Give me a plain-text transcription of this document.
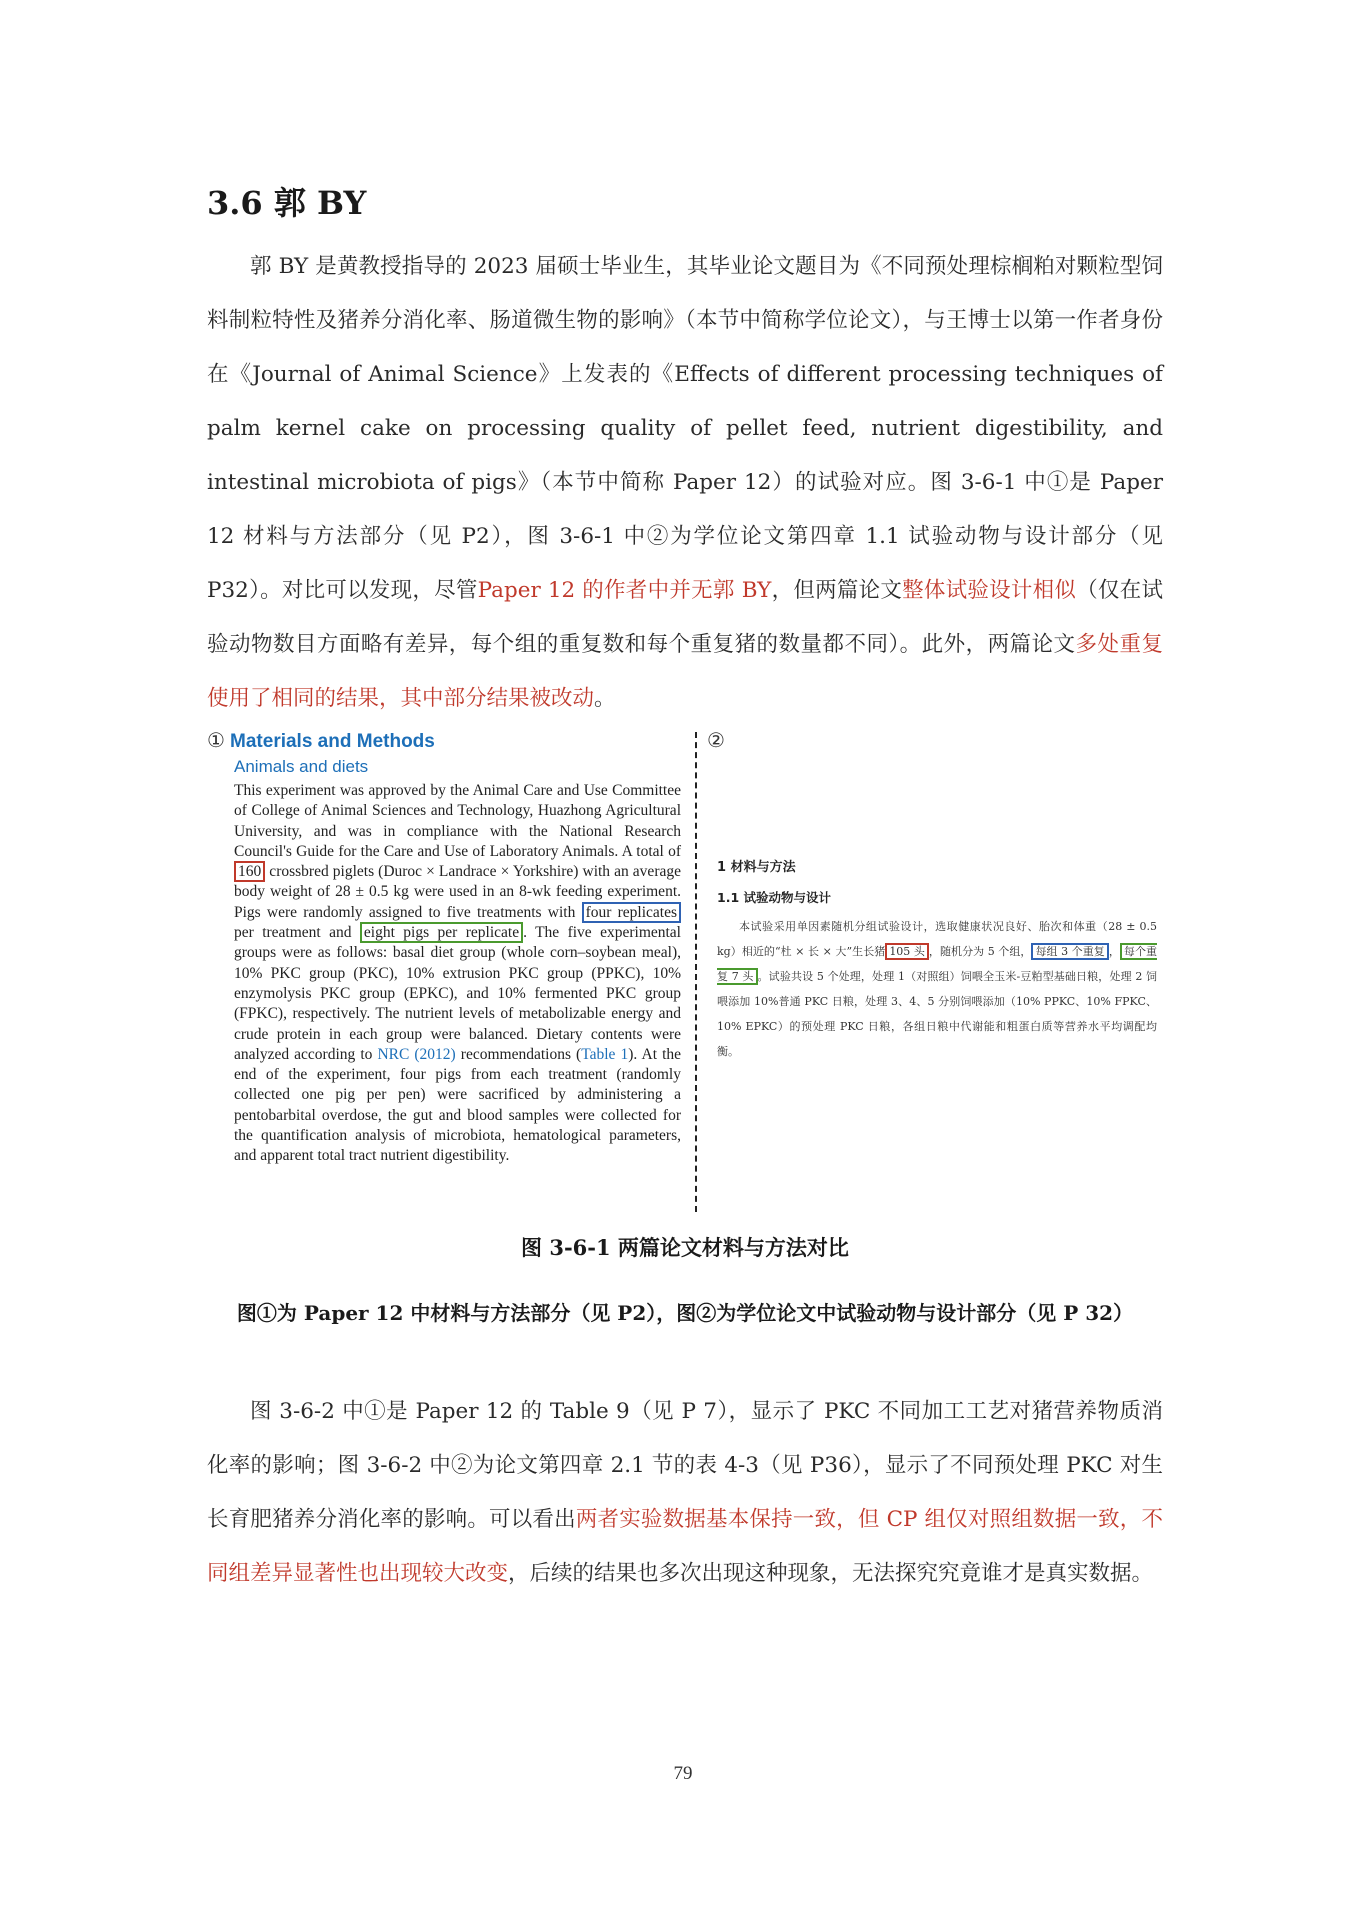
3.6 郭 BY

郭 BY 是黄教授指导的 2023 届硕士毕业生，其毕业论文题目为《不同预处理棕榈粕对颗粒型饲料制粒特性及猪养分消化率、肠道微生物的影响》（本节中简称学位论文），与王博士以第一作者身份在《Journal of Animal Science》上发表的《Effects of different processing techniques of palm kernel cake on processing quality of pellet feed, nutrient digestibility, and intestinal microbiota of pigs》（本节中简称 Paper 12）的试验对应。图 3-6-1 中①是 Paper 12 材料与方法部分（见 P2），图 3-6-1 中②为学位论文第四章 1.1 试验动物与设计部分（见 P32）。对比可以发现，尽管Paper 12 的作者中并无郭 BY，但两篇论文整体试验设计相似（仅在试验动物数目方面略有差异，每个组的重复数和每个重复猪的数量都不同）。此外，两篇论文多处重复使用了相同的结果，其中部分结果被改动。

① Materials and Methods
Animals and diets
This experiment was approved by the Animal Care and Use Committee of College of Animal Sciences and Technology, Huazhong Agricultural University, and was in compliance with the National Research Council's Guide for the Care and Use of Laboratory Animals. A total of 160 crossbred piglets (Duroc × Landrace × Yorkshire) with an average body weight of 28 ± 0.5 kg were used in an 8-wk feeding experiment. Pigs were randomly assigned to five treatments with four replicates per treatment and eight pigs per replicate . The five experimental groups were as follows: basal diet group (whole corn–soybean meal), 10% PKC group (PKC), 10% extrusion PKC group (PPKC), 10% enzymolysis PKC group (EPKC), and 10% fermented PKC group (FPKC), respectively. The nutrient levels of metabolizable energy and crude protein in each group were balanced. Dietary contents were analyzed according to NRC (2012) recommendations (Table 1). At the end of the experiment, four pigs from each treatment (randomly collected one pig per pen) were sacrificed by administering a pentobarbital overdose, the gut and blood samples were collected for the quantification analysis of microbiota, hematological parameters, and apparent total tract nutrient digestibility.
②
1 材料与方法
1.1 试验动物与设计
本试验采用单因素随机分组试验设计，选取健康状况良好、胎次和体重（28 ± 0.5 kg）相近的“杜 × 长 × 大”生长猪 105 头 ，随机分为 5 个组， 每组 3 个重复 ， 每个重复 7 头 。试验共设 5 个处理，处理 1（对照组）饲喂全玉米-豆粕型基础日粮，处理 2 饲喂添加 10%普通 PKC 日粮，处理 3、4、5 分别饲喂添加（10% PPKC、10% FPKC、10% EPKC）的预处理 PKC 日粮，各组日粮中代谢能和粗蛋白质等营养水平均调配均衡。

图 3-6-1 两篇论文材料与方法对比

图①为 Paper 12 中材料与方法部分（见 P2），图②为学位论文中试验动物与设计部分（见 P 32）

图 3-6-2 中①是 Paper 12 的 Table 9（见 P 7），显示了 PKC 不同加工工艺对猪营养物质消化率的影响；图 3-6-2 中②为论文第四章 2.1 节的表 4-3（见 P36），显示了不同预处理 PKC 对生长育肥猪养分消化率的影响。可以看出两者实验数据基本保持一致，但 CP 组仅对照组数据一致，不同组差异显著性也出现较大改变，后续的结果也多次出现这种现象，无法探究究竟谁才是真实数据。

79
